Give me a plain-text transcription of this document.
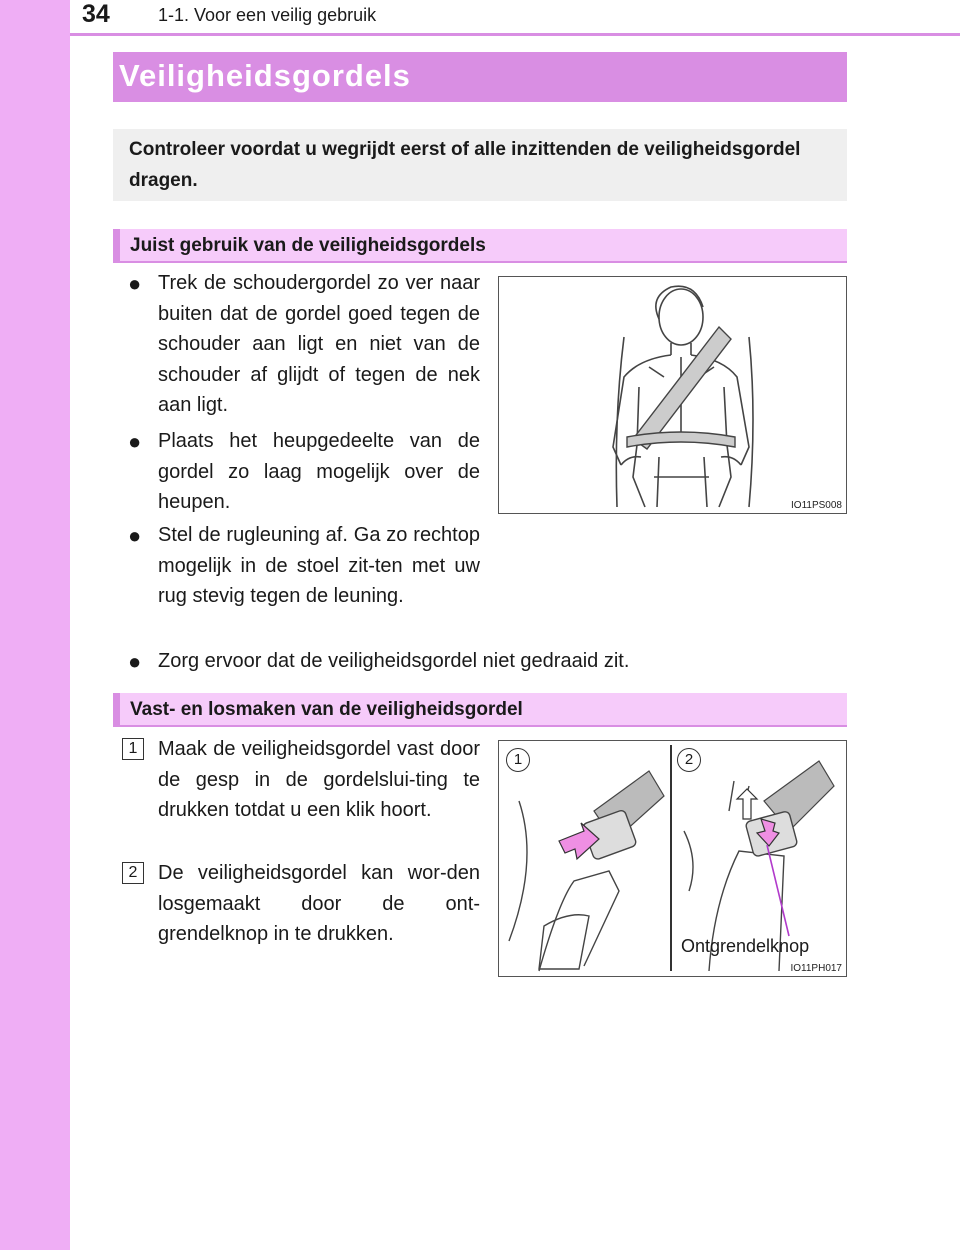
34	1-1. Voor een veilig gebruik
Veiligheidsgordels

Controleer voordat u wegrijdt eerst of alle inzittenden de veiligheidsgordel dragen.

Juist gebruik van de veiligheidsgordels
● Trek de schoudergordel zo ver naar buiten dat de gordel goed tegen de schouder aan ligt en niet van de schouder af glijdt of tegen de nek aan ligt.
● Plaats het heupgedeelte van de gordel zo laag mogelijk over de heupen.
● Stel de rugleuning af. Ga zo rechtop mogelijk in de stoel zit-ten met uw rug stevig tegen de leuning.
● Zorg ervoor dat de veiligheidsgordel niet gedraaid zit.
IO11PS008
Vast- en losmaken van de veiligheidsgordel
1	Maak de veiligheidsgordel vast door de gesp in de gordelslui-ting te drukken totdat u een klik hoort.
2	De veiligheidsgordel kan wor-den losgemaakt door de ont-grendelknop in te drukken.
1	2
Ontgrendelknop
IO11PH017
